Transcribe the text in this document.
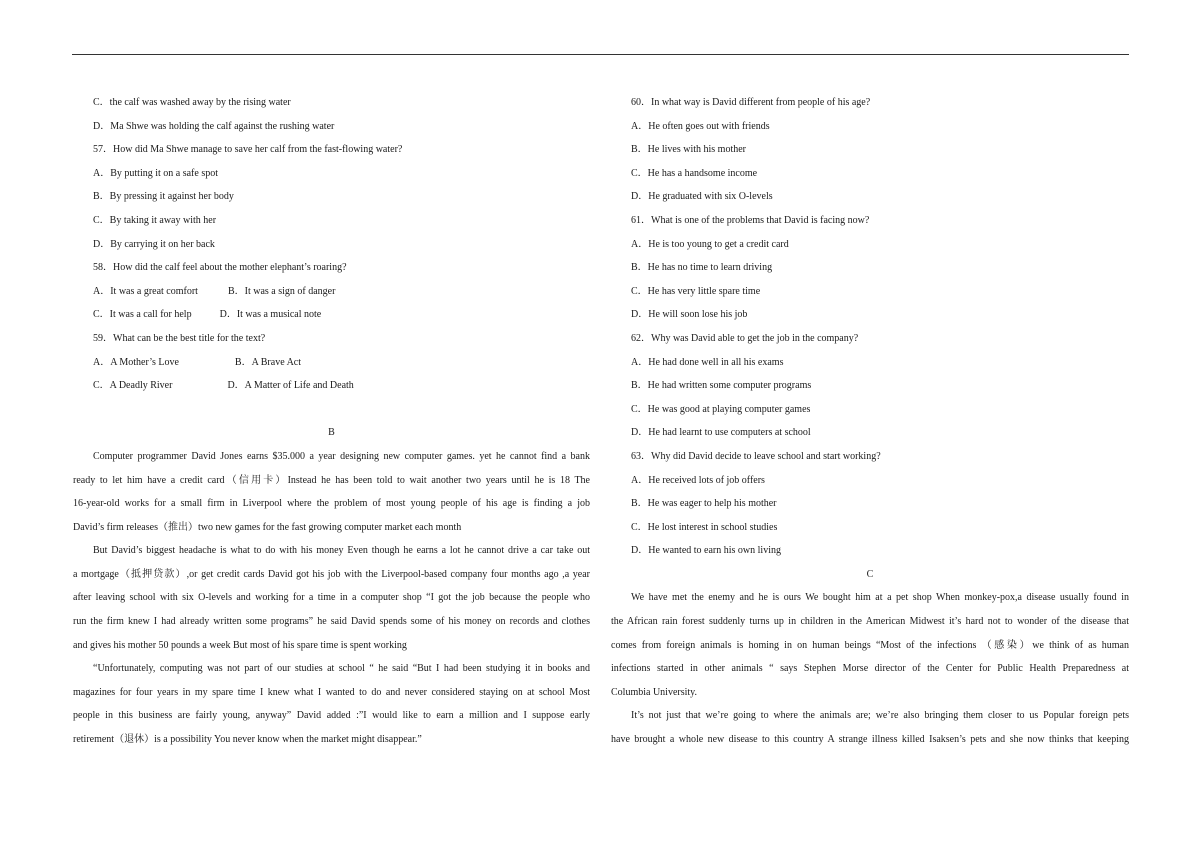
C．the calf was washed away by the rising water
D．Ma Shwe was holding the calf against the rushing water
57．How did Ma Shwe manage to save her calf from the fast-flowing water?
A．By putting it on a safe spot
B．By pressing it against her body
C．By taking it away with her
D．By carrying it on her back
58．How did the calf feel about the mother elephant’s roaring?
A．It was a great comfort	B．It was a sign of danger
C．It was a call for help	D．It was a musical note
59．What can be the best title for the text?
A．A Mother’s Love	B．A Brave Act
C．A Deadly River	D．A Matter of Life and Death
B
Computer programmer David Jones earns $35.000 a year designing new computer games. yet he cannot find a bank
ready to let him have a credit card（信用卡）Instead he has been told to wait another two years until he is 18 The
16-year-old works for a small firm in Liverpool where the problem of most young people of his age is finding a job
David’s firm releases（推出）two new games for the fast growing computer market each month
But David’s biggest headache is what to do with his money Even though he earns a lot he cannot drive a car take out
a mortgage（抵押贷款）,or get credit cards David got his job with the Liverpool-based company four months ago ,a year
after leaving school with six O-levels and working for a time in a computer shop “I got the job because the people who
run the firm knew I had already written some programs” he said David spends some of his money on records and clothes
and gives his mother 50 pounds a week But most of his spare time is spent working
“Unfortunately, computing was not part of our studies at school “ he said “But I had been studying it in books and
magazines for four years in my spare time I knew what I wanted to do and never considered staying on at school Most
people in this business are fairly young, anyway” David added :”I would like to earn a million and I suppose early
retirement（退休）is a possibility You never know when the market might disappear.”
60．In what way is David different from people of his age?
A．He often goes out with friends
B．He lives with his mother
C．He has a handsome income
D．He graduated with six O-levels
61．What is one of the problems that David is facing now?
A．He is too young to get a credit card
B．He has no time to learn driving
C．He has very little spare time
D．He will soon lose his job
62．Why was David able to get the job in the company?
A．He had done well in all his exams
B．He had written some computer programs
C．He was good at playing computer games
D．He had learnt to use computers at school
63．Why did David decide to leave school and start working?
A．He received lots of job offers
B．He was eager to help his mother
C．He lost interest in school studies
D．He wanted to earn his own living
C
We have met the enemy and he is ours We bought him at a pet shop When monkey-pox,a disease usually found in
the African rain forest suddenly turns up in children in the American Midwest it’s hard not to wonder of the disease that
comes from foreign animals is homing in on human beings “Most of the infections （感染）we think of as human
infections started in other animals “ says Stephen Morse director of the Center for Public Health Preparedness at
Columbia University.
It’s not just that we’re going to where the animals are; we’re also bringing them closer to us Popular foreign pets
have brought a whole new disease to this country A strange illness killed Isaksen’s pets and she now thinks that keeping
